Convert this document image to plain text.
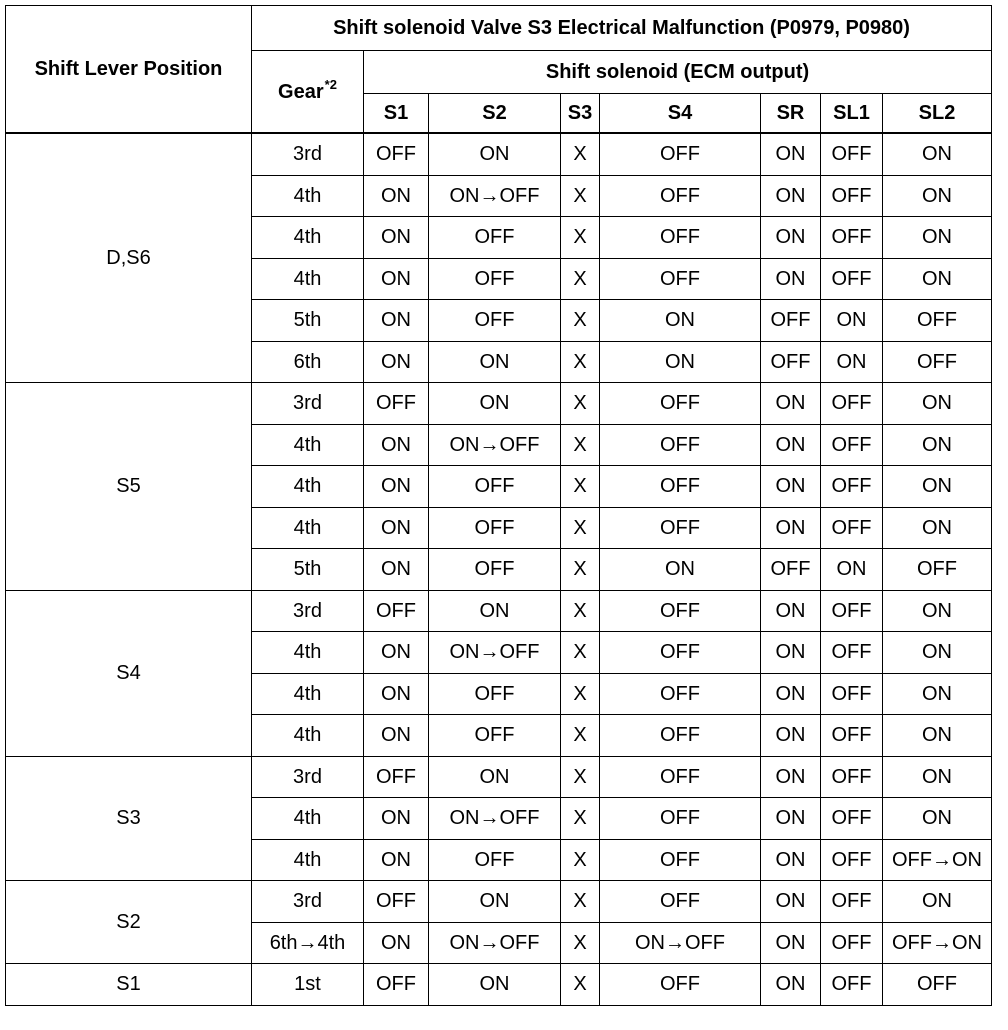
Shift Lever Position	Shift solenoid Valve S3 Electrical Malfunction (P0979, P0980)							
	Gear$^{*2}$	Shift solenoid (ECM output)						
		S1	S2	S3	S4	SR	SL1	SL2
D,S6	3rd	OFF	ON	X	OFF	ON	OFF	ON
	4th	ON	ON→OFF	X	OFF	ON	OFF	ON
	4th	ON	OFF	X	OFF	ON	OFF	ON
	4th	ON	OFF	X	OFF	ON	OFF	ON
	5th	ON	OFF	X	ON	OFF	ON	OFF
	6th	ON	ON	X	ON	OFF	ON	OFF
S5	3rd	OFF	ON	X	OFF	ON	OFF	ON
	4th	ON	ON→OFF	X	OFF	ON	OFF	ON
	4th	ON	OFF	X	OFF	ON	OFF	ON
	4th	ON	OFF	X	OFF	ON	OFF	ON
	5th	ON	OFF	X	ON	OFF	ON	OFF
S4	3rd	OFF	ON	X	OFF	ON	OFF	ON
	4th	ON	ON→OFF	X	OFF	ON	OFF	ON
	4th	ON	OFF	X	OFF	ON	OFF	ON
	4th	ON	OFF	X	OFF	ON	OFF	ON
S3	3rd	OFF	ON	X	OFF	ON	OFF	ON
	4th	ON	ON→OFF	X	OFF	ON	OFF	ON
	4th	ON	OFF	X	OFF	ON	OFF	OFF→ON
S2	3rd	OFF	ON	X	OFF	ON	OFF	ON
	6th→4th	ON	ON→OFF	X	ON→OFF	ON	OFF	OFF→ON
S1	1st	OFF	ON	X	OFF	ON	OFF	OFF
